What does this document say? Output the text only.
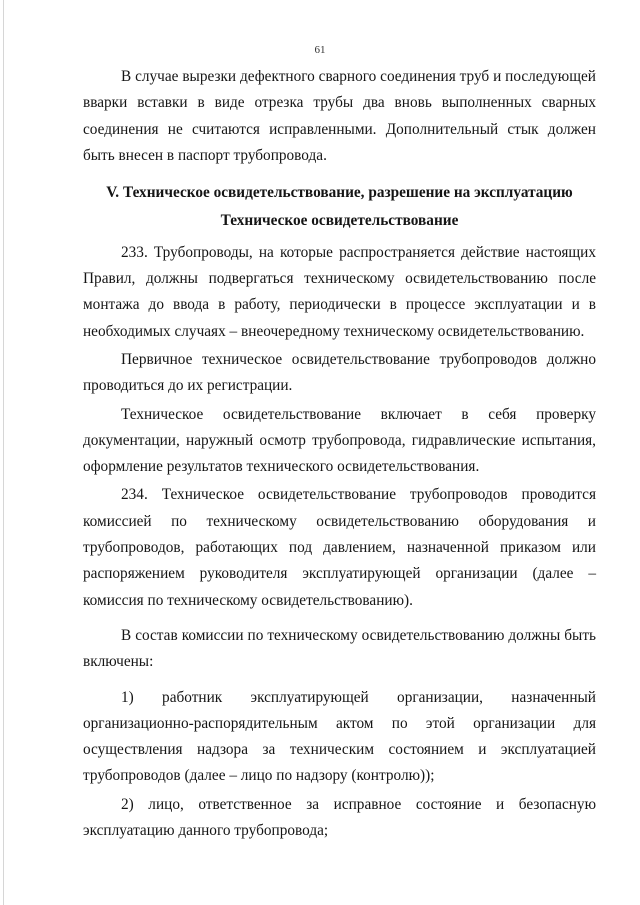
61

В случае вырезки дефектного сварного соединения труб и последующей вварки вставки в виде отрезка трубы два вновь выполненных сварных соединения не считаются исправленными. Дополнительный стык должен быть внесен в паспорт трубопровода.

V. Техническое освидетельствование, разрешение на эксплуатацию
Техническое освидетельствование

233. Трубопроводы, на которые распространяется действие настоящих Правил, должны подвергаться техническому освидетельствованию после монтажа до ввода в работу, периодически в процессе эксплуатации и в необходимых случаях – внеочередному техническому освидетельствованию.

Первичное техническое освидетельствование трубопроводов должно проводиться до их регистрации.

Техническое освидетельствование включает в себя проверку документации, наружный осмотр трубопровода, гидравлические испытания, оформление результатов технического освидетельствования.

234. Техническое освидетельствование трубопроводов проводится комиссией по техническому освидетельствованию оборудования и трубопроводов, работающих под давлением, назначенной приказом или распоряжением руководителя эксплуатирующей организации (далее – комиссия по техническому освидетельствованию).

В состав комиссии по техническому освидетельствованию должны быть включены:

1) работник эксплуатирующей организации, назначенный организационно-распорядительным актом по этой организации для осуществления надзора за техническим состоянием и эксплуатацией трубопроводов (далее – лицо по надзору (контролю));

2) лицо, ответственное за исправное состояние и безопасную эксплуатацию данного трубопровода;
